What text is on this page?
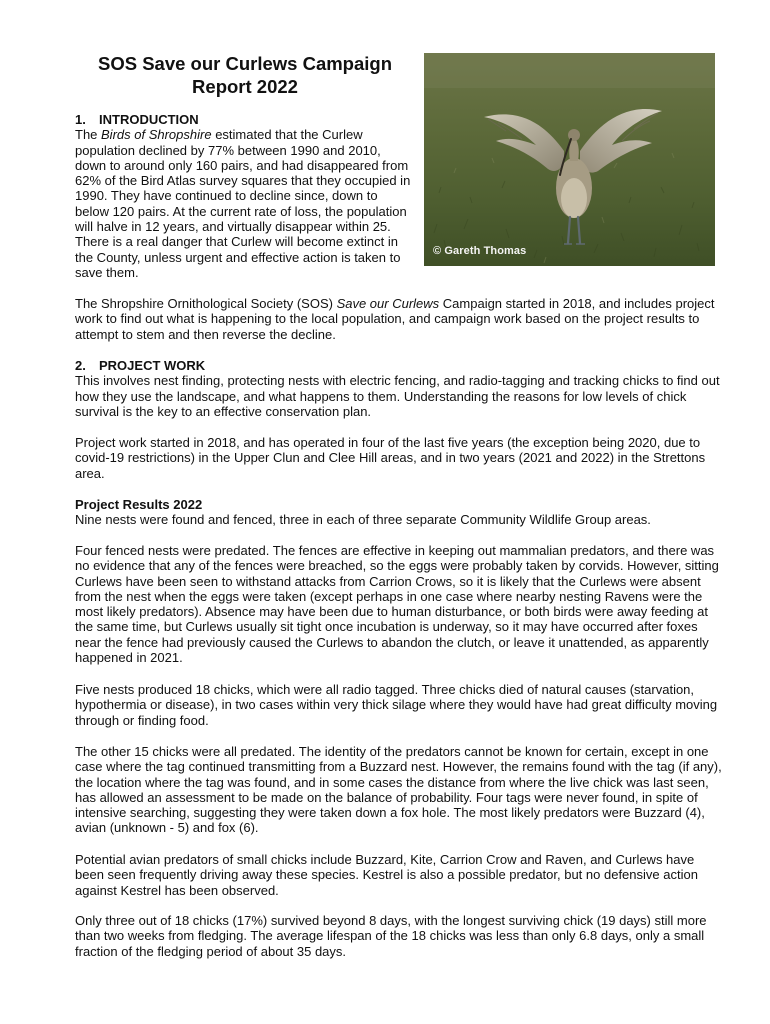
SOS Save our Curlews Campaign
Report 2022
© Gareth Thomas

1. INTRODUCTION
The Birds of Shropshire estimated that the Curlew population declined by 77% between 1990 and 2010, down to around only 160 pairs, and had disappeared from 62% of the Bird Atlas survey squares that they occupied in 1990. They have continued to decline since, down to below 120 pairs. At the current rate of loss, the population will halve in 12 years, and virtually disappear within 25. There is a real danger that Curlew will become extinct in the County, unless urgent and effective action is taken to save them.

The Shropshire Ornithological Society (SOS) Save our Curlews Campaign started in 2018, and includes project work to find out what is happening to the local population, and campaign work based on the project results to attempt to stem and then reverse the decline.

2. PROJECT WORK
This involves nest finding, protecting nests with electric fencing, and radio-tagging and tracking chicks to find out how they use the landscape, and what happens to them. Understanding the reasons for low levels of chick survival is the key to an effective conservation plan.

Project work started in 2018, and has operated in four of the last five years (the exception being 2020, due to covid-19 restrictions) in the Upper Clun and Clee Hill areas, and in two years (2021 and 2022) in the Strettons area.

Project Results 2022
Nine nests were found and fenced, three in each of three separate Community Wildlife Group areas.

Four fenced nests were predated. The fences are effective in keeping out mammalian predators, and there was no evidence that any of the fences were breached, so the eggs were probably taken by corvids. However, sitting Curlews have been seen to withstand attacks from Carrion Crows, so it is likely that the Curlews were absent from the nest when the eggs were taken (except perhaps in one case where nearby nesting Ravens were the most likely predators). Absence may have been due to human disturbance, or both birds were away feeding at the same time, but Curlews usually sit tight once incubation is underway, so it may have occurred after foxes near the fence had previously caused the Curlews to abandon the clutch, or leave it unattended, as apparently happened in 2021.

Five nests produced 18 chicks, which were all radio tagged. Three chicks died of natural causes (starvation, hypothermia or disease), in two cases within very thick silage where they would have had great difficulty moving through or finding food.

The other 15 chicks were all predated. The identity of the predators cannot be known for certain, except in one case where the tag continued transmitting from a Buzzard nest. However, the remains found with the tag (if any), the location where the tag was found, and in some cases the distance from where the live chick was last seen, has allowed an assessment to be made on the balance of probability. Four tags were never found, in spite of intensive searching, suggesting they were taken down a fox hole. The most likely predators were Buzzard (4), avian (unknown - 5) and fox (6).

Potential avian predators of small chicks include Buzzard, Kite, Carrion Crow and Raven, and Curlews have been seen frequently driving away these species. Kestrel is also a possible predator, but no defensive action against Kestrel has been observed.

Only three out of 18 chicks (17%) survived beyond 8 days, with the longest surviving chick (19 days) still more than two weeks from fledging. The average lifespan of the 18 chicks was less than only 6.8 days, only a small fraction of the fledging period of about 35 days.
